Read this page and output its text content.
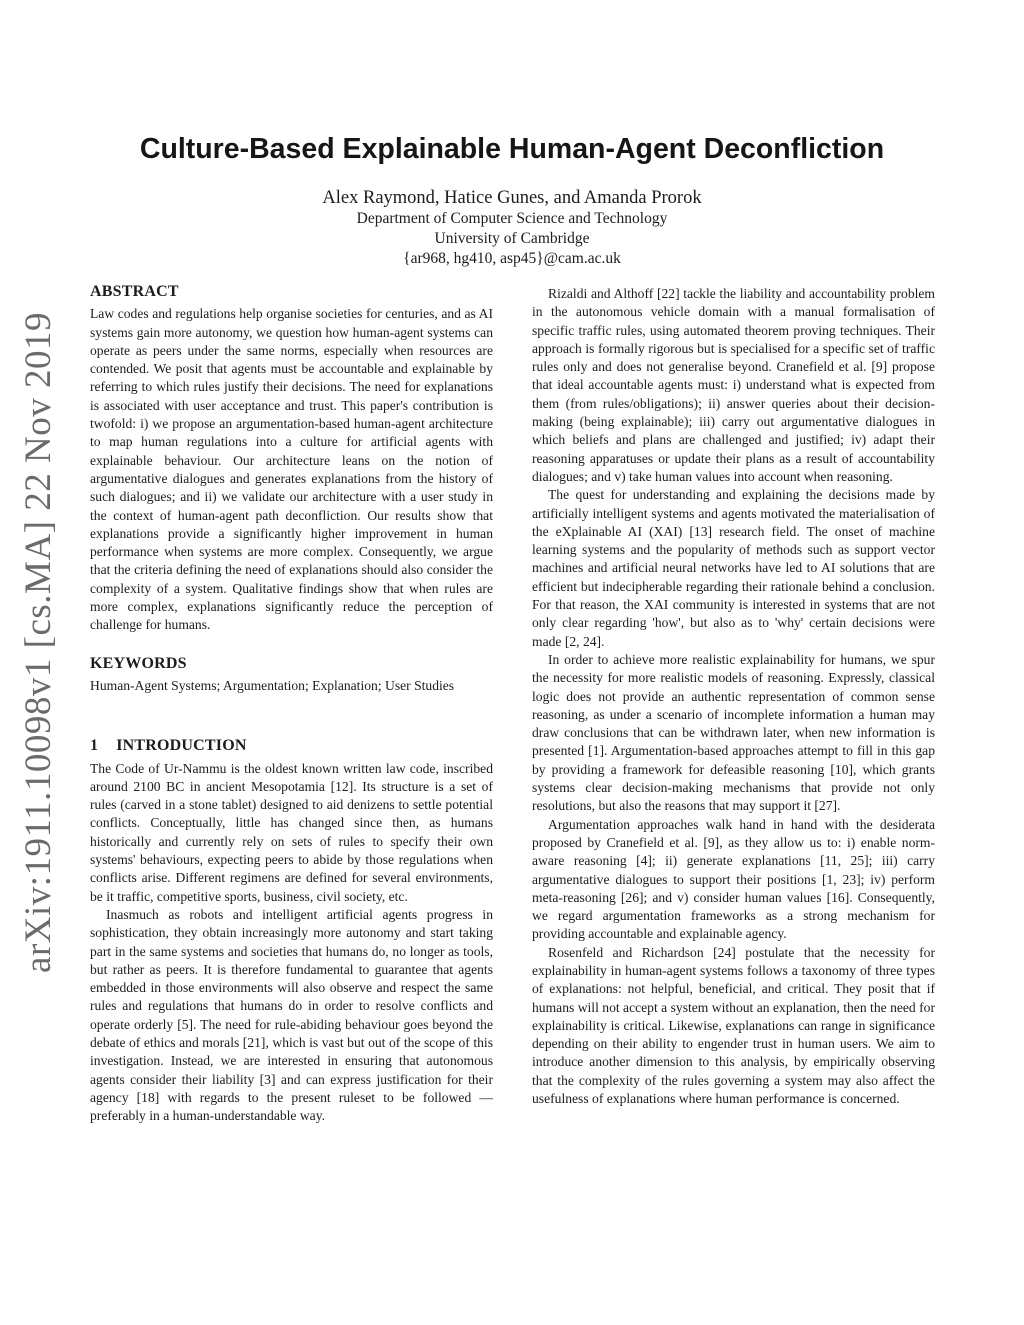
arXiv:1911.10098v1 [cs.MA] 22 Nov 2019
Culture-Based Explainable Human-Agent Deconfliction
Alex Raymond, Hatice Gunes, and Amanda Prorok
Department of Computer Science and Technology
University of Cambridge
{ar968, hg410, asp45}@cam.ac.uk
ABSTRACT

Law codes and regulations help organise societies for centuries, and as AI systems gain more autonomy, we question how human-agent systems can operate as peers under the same norms, especially when resources are contended. We posit that agents must be accountable and explainable by referring to which rules justify their decisions. The need for explanations is associated with user acceptance and trust. This paper's contribution is twofold: i) we propose an argumentation-based human-agent architecture to map human regulations into a culture for artificial agents with explainable behaviour. Our architecture leans on the notion of argumentative dialogues and generates explanations from the history of such dialogues; and ii) we validate our architecture with a user study in the context of human-agent path deconfliction. Our results show that explanations provide a significantly higher improvement in human performance when systems are more complex. Consequently, we argue that the criteria defining the need of explanations should also consider the complexity of a system. Qualitative findings show that when rules are more complex, explanations significantly reduce the perception of challenge for humans.

KEYWORDS

Human-Agent Systems; Argumentation; Explanation; User Studies

1 INTRODUCTION

The Code of Ur-Nammu is the oldest known written law code, inscribed around 2100 BC in ancient Mesopotamia [12]. Its structure is a set of rules (carved in a stone tablet) designed to aid denizens to settle potential conflicts. Conceptually, little has changed since then, as humans historically and currently rely on sets of rules to specify their own systems' behaviours, expecting peers to abide by those regulations when conflicts arise. Different regimens are defined for several environments, be it traffic, competitive sports, business, civil society, etc.

Inasmuch as robots and intelligent artificial agents progress in sophistication, they obtain increasingly more autonomy and start taking part in the same systems and societies that humans do, no longer as tools, but rather as peers. It is therefore fundamental to guarantee that agents embedded in those environments will also observe and respect the same rules and regulations that humans do in order to resolve conflicts and operate orderly [5]. The need for rule-abiding behaviour goes beyond the debate of ethics and morals [21], which is vast but out of the scope of this investigation. Instead, we are interested in ensuring that autonomous agents consider their liability [3] and can express justification for their agency [18] with regards to the present ruleset to be followed — preferably in a human-understandable way.

Rizaldi and Althoff [22] tackle the liability and accountability problem in the autonomous vehicle domain with a manual formalisation of specific traffic rules, using automated theorem proving techniques. Their approach is formally rigorous but is specialised for a specific set of traffic rules only and does not generalise beyond. Cranefield et al. [9] propose that ideal accountable agents must: i) understand what is expected from them (from rules/obligations); ii) answer queries about their decision-making (being explainable); iii) carry out argumentative dialogues in which beliefs and plans are challenged and justified; iv) adapt their reasoning apparatuses or update their plans as a result of accountability dialogues; and v) take human values into account when reasoning.

The quest for understanding and explaining the decisions made by artificially intelligent systems and agents motivated the materialisation of the eXplainable AI (XAI) [13] research field. The onset of machine learning systems and the popularity of methods such as support vector machines and artificial neural networks have led to AI solutions that are efficient but indecipherable regarding their rationale behind a conclusion. For that reason, the XAI community is interested in systems that are not only clear regarding 'how', but also as to 'why' certain decisions were made [2, 24].

In order to achieve more realistic explainability for humans, we spur the necessity for more realistic models of reasoning. Expressly, classical logic does not provide an authentic representation of common sense reasoning, as under a scenario of incomplete information a human may draw conclusions that can be withdrawn later, when new information is presented [1]. Argumentation-based approaches attempt to fill in this gap by providing a framework for defeasible reasoning [10], which grants systems clear decision-making mechanisms that provide not only resolutions, but also the reasons that may support it [27].

Argumentation approaches walk hand in hand with the desiderata proposed by Cranefield et al. [9], as they allow us to: i) enable norm-aware reasoning [4]; ii) generate explanations [11, 25]; iii) carry argumentative dialogues to support their positions [1, 23]; iv) perform meta-reasoning [26]; and v) consider human values [16]. Consequently, we regard argumentation frameworks as a strong mechanism for providing accountable and explainable agency.

Rosenfeld and Richardson [24] postulate that the necessity for explainability in human-agent systems follows a taxonomy of three types of explanations: not helpful, beneficial, and critical. They posit that if humans will not accept a system without an explanation, then the need for explainability is critical. Likewise, explanations can range in significance depending on their ability to engender trust in human users. We aim to introduce another dimension to this analysis, by empirically observing that the complexity of the rules governing a system may also affect the usefulness of explanations where human performance is concerned.
